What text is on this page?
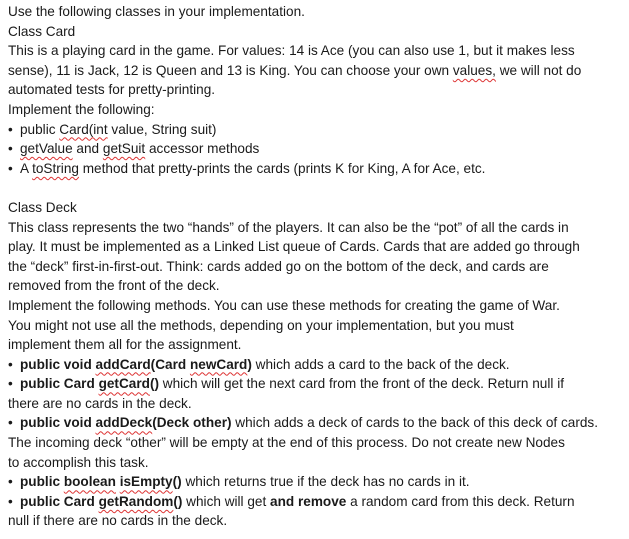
Use the following classes in your implementation.
Class Card
This is a playing card in the game. For values: 14 is Ace (you can also use 1, but it makes less
sense), 11 is Jack, 12 is Queen and 13 is King. You can choose your own values, we will not do
automated tests for pretty-printing.
Implement the following:
• public Card(int value, String suit)
• getValue and getSuit accessor methods
• A toString method that pretty-prints the cards (prints K for King, A for Ace, etc.
Class Deck
This class represents the two “hands” of the players. It can also be the “pot” of all the cards in
play. It must be implemented as a Linked List queue of Cards. Cards that are added go through
the “deck” first-in-first-out. Think: cards added go on the bottom of the deck, and cards are
removed from the front of the deck.
Implement the following methods. You can use these methods for creating the game of War.
You might not use all the methods, depending on your implementation, but you must
implement them all for the assignment.
• public void addCard(Card newCard) which adds a card to the back of the deck.
• public Card getCard() which will get the next card from the front of the deck. Return null if
there are no cards in the deck.
• public void addDeck(Deck other) which adds a deck of cards to the back of this deck of cards.
The incoming deck “other” will be empty at the end of this process. Do not create new Nodes
to accomplish this task.
• public boolean isEmpty() which returns true if the deck has no cards in it.
• public Card getRandom() which will get and remove a random card from this deck. Return
null if there are no cards in the deck.
